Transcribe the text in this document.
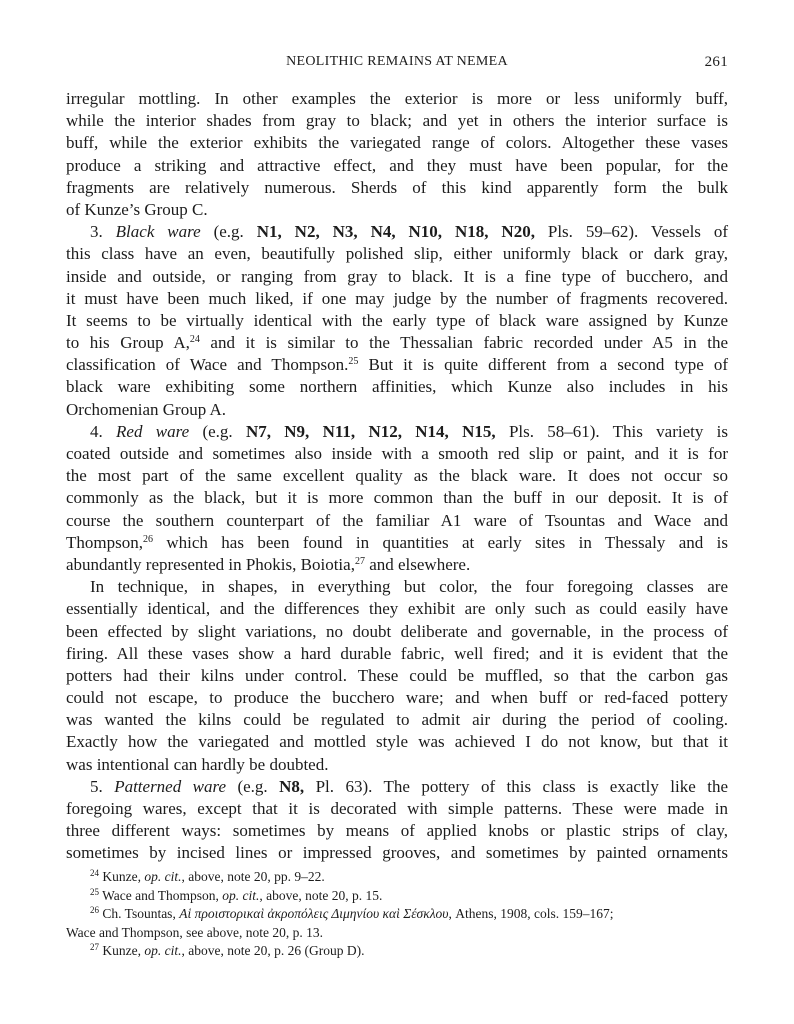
NEOLITHIC REMAINS AT NEMEA	261
irregular mottling. In other examples the exterior is more or less uniformly buff,
while the interior shades from gray to black; and yet in others the interior surface is
buff, while the exterior exhibits the variegated range of colors. Altogether these vases
produce a striking and attractive effect, and they must have been popular, for the
fragments are relatively numerous. Sherds of this kind apparently form the bulk
of Kunze’s Group C.
3. Black ware (e.g. N1, N2, N3, N4, N10, N18, N20, Pls. 59–62). Vessels of
this class have an even, beautifully polished slip, either uniformly black or dark gray,
inside and outside, or ranging from gray to black. It is a fine type of bucchero, and
it must have been much liked, if one may judge by the number of fragments recovered.
It seems to be virtually identical with the early type of black ware assigned by Kunze
to his Group A,$^{24}$ and it is similar to the Thessalian fabric recorded under A5 in the
classification of Wace and Thompson.$^{25}$ But it is quite different from a second type of
black ware exhibiting some northern affinities, which Kunze also includes in his
Orchomenian Group A.
4. Red ware (e.g. N7, N9, N11, N12, N14, N15, Pls. 58–61). This variety is
coated outside and sometimes also inside with a smooth red slip or paint, and it is for
the most part of the same excellent quality as the black ware. It does not occur so
commonly as the black, but it is more common than the buff in our deposit. It is of
course the southern counterpart of the familiar A1 ware of Tsountas and Wace and
Thompson,$^{26}$ which has been found in quantities at early sites in Thessaly and is
abundantly represented in Phokis, Boiotia,$^{27}$ and elsewhere.
In technique, in shapes, in everything but color, the four foregoing classes are
essentially identical, and the differences they exhibit are only such as could easily have
been effected by slight variations, no doubt deliberate and governable, in the process of
firing. All these vases show a hard durable fabric, well fired; and it is evident that the
potters had their kilns under control. These could be muffled, so that the carbon gas
could not escape, to produce the bucchero ware; and when buff or red-faced pottery
was wanted the kilns could be regulated to admit air during the period of cooling.
Exactly how the variegated and mottled style was achieved I do not know, but that it
was intentional can hardly be doubted.
5. Patterned ware (e.g. N8, Pl. 63). The pottery of this class is exactly like the
foregoing wares, except that it is decorated with simple patterns. These were made in
three different ways: sometimes by means of applied knobs or plastic strips of clay,
sometimes by incised lines or impressed grooves, and sometimes by painted ornaments
$^{24}$ Kunze, op. cit., above, note 20, pp. 9–22.
$^{25}$ Wace and Thompson, op. cit., above, note 20, p. 15.
$^{26}$ Ch. Tsountas, Αἱ προιστορικαὶ ἀκροπόλεις Διμηνίου καὶ Σέσκλου, Athens, 1908, cols. 159–167;
Wace and Thompson, see above, note 20, p. 13.
$^{27}$ Kunze, op. cit., above, note 20, p. 26 (Group D).
